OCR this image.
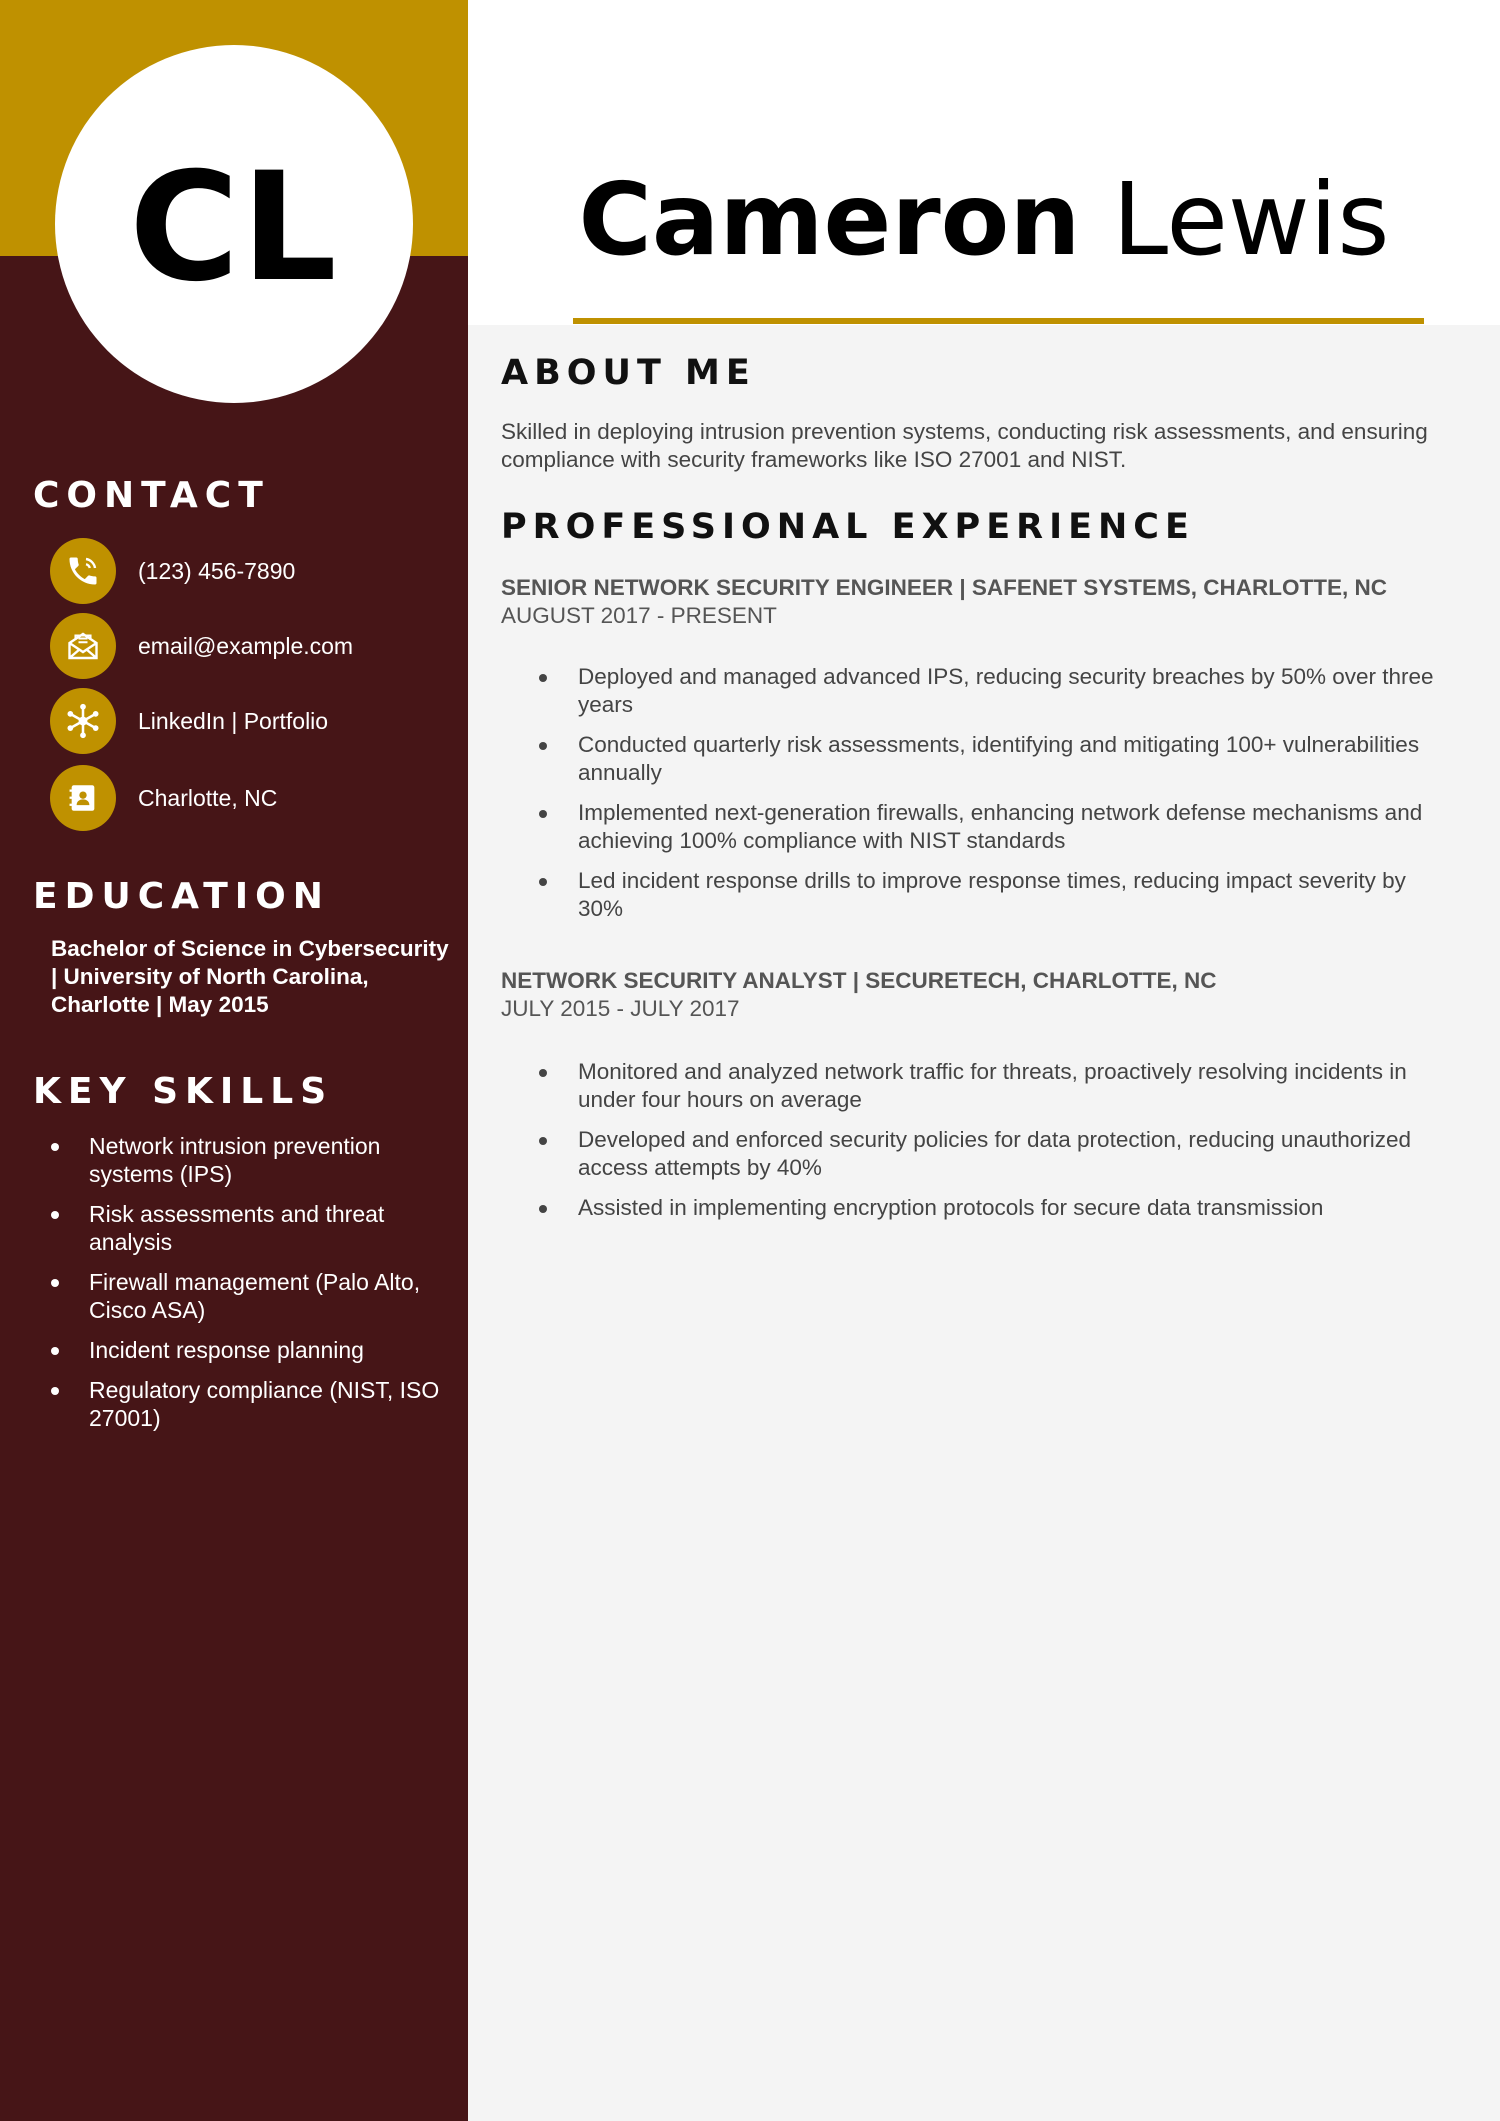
CL
CONTACT
(123) 456-7890
email@example.com
LinkedIn | Portfolio
Charlotte, NC
EDUCATION
Bachelor of Science in Cybersecurity | University of North Carolina, Charlotte | May 2015
KEY SKILLS
Network intrusion prevention systems (IPS)
Risk assessments and threat analysis
Firewall management (Palo Alto, Cisco ASA)
Incident response planning
Regulatory compliance (NIST, ISO 27001)
Cameron Lewis
ABOUT ME

Skilled in deploying intrusion prevention systems, conducting risk assessments, and ensuring compliance with security frameworks like ISO 27001 and NIST.

PROFESSIONAL EXPERIENCE
SENIOR NETWORK SECURITY ENGINEER | SAFENET SYSTEMS, CHARLOTTE, NC
AUGUST 2017 - PRESENT
Deployed and managed advanced IPS, reducing security breaches by 50% over three years
Conducted quarterly risk assessments, identifying and mitigating 100+ vulnerabilities annually
Implemented next-generation firewalls, enhancing network defense mechanisms and achieving 100% compliance with NIST standards
Led incident response drills to improve response times, reducing impact severity by 30%
NETWORK SECURITY ANALYST | SECURETECH, CHARLOTTE, NC
JULY 2015 - JULY 2017
Monitored and analyzed network traffic for threats, proactively resolving incidents in under four hours on average
Developed and enforced security policies for data protection, reducing unauthorized access attempts by 40%
Assisted in implementing encryption protocols for secure data transmission
